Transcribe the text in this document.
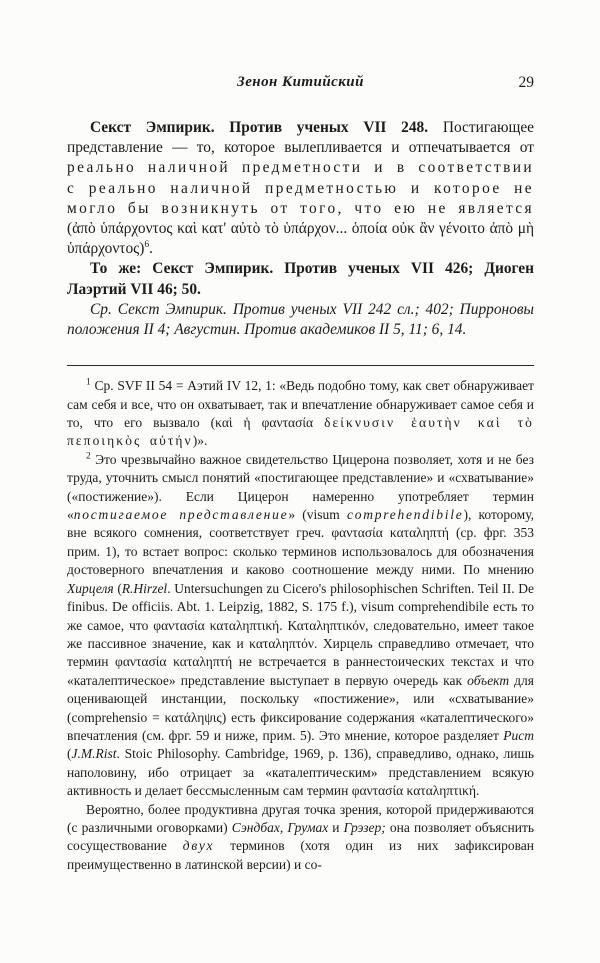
Зенон Китийский	29

Секст Эмпирик. Против ученых VII 248. Постигающее представление — то, которое вылепливается и отпечатывается от реально наличной предметности и в соответствии с реально наличной предметностью и которое не могло бы возникнуть от того, что ею не является (ἀπὸ ὑπάρχοντος καὶ κατ' αὐτὸ τὸ ὑπάρχον... ὁποία οὐκ ἂν γένοιτο ἀπὸ μὴ ὑπάρχοντος)$^6$.

То же: Секст Эмпирик. Против ученых VII 426; Диоген Лаэртий VII 46; 50.

Ср. Секст Эмпирик. Против ученых VII 242 сл.; 402; Пирроновы положения II 4; Августин. Против академиков II 5, 11; 6, 14.

$^1$ Ср. SVF II 54 = Аэтий IV 12, 1: «Ведь подобно тому, как свет обнаруживает сам себя и все, что он охватывает, так и впечатление обнаруживает самое себя и то, что его вызвало (καὶ ἡ φαντασία δείκνυσιν ἑαυτὴν καὶ τὸ πεποιηκὸς αὐτήν)».

$^2$ Это чрезвычайно важное свидетельство Цицерона позволяет, хотя и не без труда, уточнить смысл понятий «постигающее представление» и «схватывание» («постижение»). Если Цицерон намеренно употребляет термин «постигаемое представление» (visum comprehendibile), которому, вне всякого сомнения, соответствует греч. φαντασία καταληπτή (ср. фрг. 353 прим. 1), то встает вопрос: сколько терминов использовалось для обозначения достоверного впечатления и каково соотношение между ними. По мнению Хирцеля (R.Hirzel. Untersuchungen zu Cicero's philosophischen Schriften. Teil II. De finibus. De officiis. Abt. 1. Leipzig, 1882, S. 175 f.), visum comprehendibile есть то же самое, что φαντασία καταληπτική. Καταληπτικόν, следовательно, имеет такое же пассивное значение, как и καταληπτόν. Хирцель справедливо отмечает, что термин φαντασία καταληπτή не встречается в раннестоических текстах и что «каталептическое» представление выступает в первую очередь как объект для оценивающей инстанции, поскольку «постижение», или «схватывание» (comprehensio = κατάληψις) есть фиксирование содержания «каталептического» впечатления (см. фрг. 59 и ниже, прим. 5). Это мнение, которое разделяет Рист (J.M.Rist. Stoic Philosophy. Cambridge, 1969, p. 136), справедливо, однако, лишь наполовину, ибо отрицает за «каталептическим» представлением всякую активность и делает бессмысленным сам термин φαντασία καταληπτική.

Вероятно, более продуктивна другая точка зрения, которой придерживаются (с различными оговорками) Сэндбах, Грумах и Грэзер; она позволяет объяснить сосуществование двух терминов (хотя один из них зафиксирован преимущественно в латинской версии) и со-
